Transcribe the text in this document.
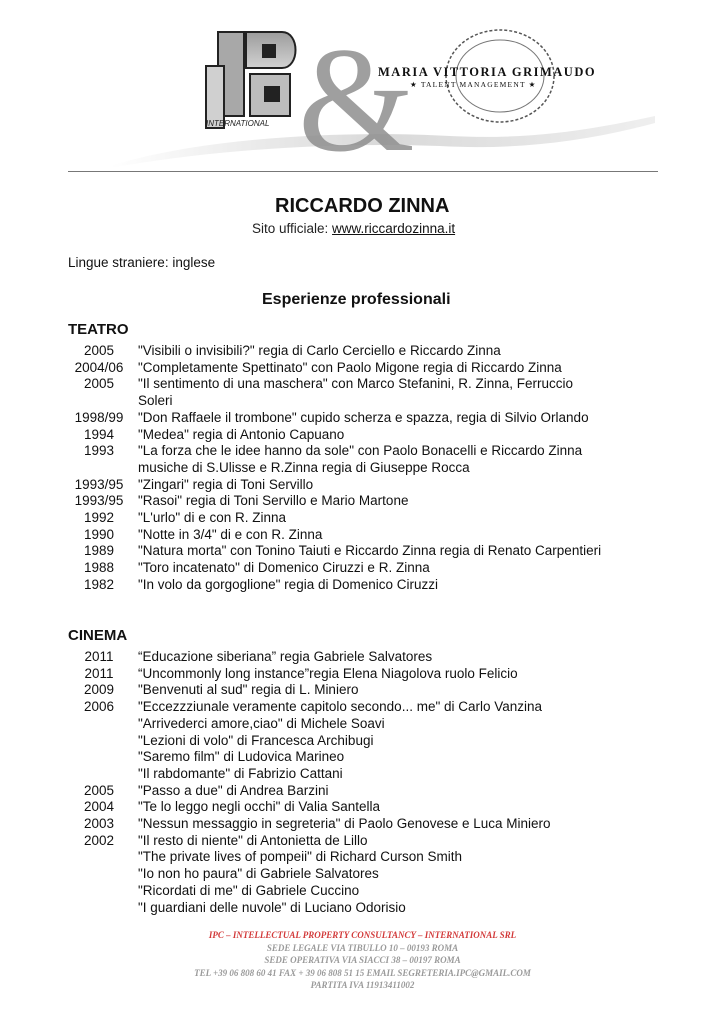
INTERNATIONAL &
MARIA VITTORIA GRIMAUDO
★ TALENT MANAGEMENT ★
RICCARDO ZINNA
Sito ufficiale: www.riccardozinna.it
Lingue straniere: inglese
Esperienze professionali
TEATRO
2005	"Visibili o invisibili?" regia di Carlo Cerciello e Riccardo Zinna
2004/06	"Completamente Spettinato" con Paolo Migone regia di Riccardo Zinna
2005	"Il sentimento di una maschera" con Marco Stefanini, R. Zinna, Ferruccio
Soleri
1998/99	"Don Raffaele il trombone" cupido scherza e spazza, regia di Silvio Orlando
1994	"Medea" regia di Antonio Capuano
1993	"La forza che le idee hanno da sole" con Paolo Bonacelli e Riccardo Zinna
musiche di S.Ulisse e R.Zinna regia di Giuseppe Rocca
1993/95	"Zingari" regia di Toni Servillo
1993/95	"Rasoi" regia di Toni Servillo e Mario Martone
1992	"L'urlo" di e con R. Zinna
1990	"Notte in 3/4" di e con R. Zinna
1989	"Natura morta" con Tonino Taiuti e Riccardo Zinna regia di Renato Carpentieri
1988	"Toro incatenato" di Domenico Ciruzzi e R. Zinna
1982	"In volo da gorgoglione" regia di Domenico Ciruzzi
CINEMA
2011	“Educazione siberiana” regia Gabriele Salvatores
2011	“Uncommonly long instance”regia Elena Niagolova ruolo Felicio
2009	"Benvenuti al sud" regia di L. Miniero
2006	"Eccezzziunale veramente capitolo secondo... me" di Carlo Vanzina
"Arrivederci amore,ciao" di Michele Soavi
"Lezioni di volo" di Francesca Archibugi
"Saremo film" di Ludovica Marineo
"Il rabdomante" di Fabrizio Cattani
2005	"Passo a due" di Andrea Barzini
2004	"Te lo leggo negli occhi" di Valia Santella
2003	"Nessun messaggio in segreteria" di Paolo Genovese e Luca Miniero
2002	"Il resto di niente" di Antonietta de Lillo
"The private lives of pompeii" di Richard Curson Smith
"Io non ho paura" di Gabriele Salvatores
"Ricordati di me" di Gabriele Cuccino
"I guardiani delle nuvole" di Luciano Odorisio
IPC – INTELLECTUAL PROPERTY CONSULTANCY – INTERNATIONAL SRL
SEDE LEGALE VIA TIBULLO 10 – 00193 ROMA
SEDE OPERATIVA VIA SIACCI 38 – 00197 ROMA
TEL +39 06 808 60 41 FAX + 39 06 808 51 15 EMAIL SEGRETERIA.IPC@GMAIL.COM
PARTITA IVA 11913411002
